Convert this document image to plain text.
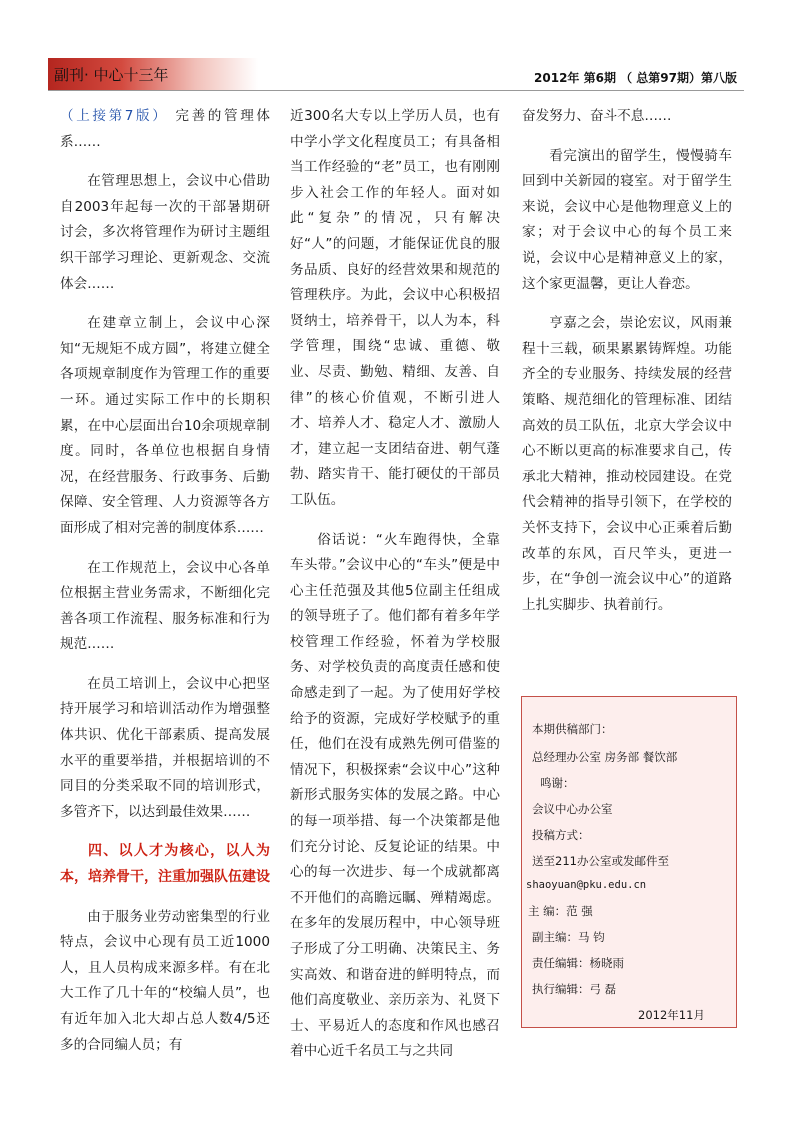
副刊· 中心十三年	2012年 第6期 （ 总第97期）第八版

（上接第7版） 完善的管理体系……

在管理思想上，会议中心借助自2003年起每一次的干部暑期研讨会，多次将管理作为研讨主题组织干部学习理论、更新观念、交流体会……

在建章立制上，会议中心深知“无规矩不成方圆”，将建立健全各项规章制度作为管理工作的重要一环。通过实际工作中的长期积累，在中心层面出台10余项规章制度。同时，各单位也根据自身情况，在经营服务、行政事务、后勤保障、安全管理、人力资源等各方面形成了相对完善的制度体系……

在工作规范上，会议中心各单位根据主营业务需求，不断细化完善各项工作流程、服务标准和行为规范……

在员工培训上，会议中心把坚持开展学习和培训活动作为增强整体共识、优化干部素质、提高发展水平的重要举措，并根据培训的不同目的分类采取不同的培训形式，多管齐下，以达到最佳效果……

四、以人才为核心，以人为本，培养骨干，注重加强队伍建设

由于服务业劳动密集型的行业特点，会议中心现有员工近1000人，且人员构成来源多样。有在北大工作了几十年的“校编人员”，也有近年加入北大却占总人数4/5还多的合同编人员；有

近300名大专以上学历人员，也有中学小学文化程度员工；有具备相当工作经验的“老”员工，也有刚刚步入社会工作的年轻人。面对如此“复杂”的情况，只有解决好“人”的问题，才能保证优良的服务品质、良好的经营效果和规范的管理秩序。为此，会议中心积极招贤纳士，培养骨干，以人为本，科学管理，围绕“忠诚、重德、敬业、尽责、勤勉、精细、友善、自律”的核心价值观，不断引进人才、培养人才、稳定人才、激励人才，建立起一支团结奋进、朝气蓬勃、踏实肯干、能打硬仗的干部员工队伍。

俗话说：“火车跑得快，全靠车头带。”会议中心的“车头”便是中心主任范强及其他5位副主任组成的领导班子了。他们都有着多年学校管理工作经验，怀着为学校服务、对学校负责的高度责任感和使命感走到了一起。为了使用好学校给予的资源，完成好学校赋予的重任，他们在没有成熟先例可借鉴的情况下，积极探索“会议中心”这种新形式服务实体的发展之路。中心的每一项举措、每一个决策都是他们充分讨论、反复论证的结果。中心的每一次进步、每一个成就都离不开他们的高瞻远瞩、殚精竭虑。在多年的发展历程中，中心领导班子形成了分工明确、决策民主、务实高效、和谐奋进的鲜明特点，而他们高度敬业、亲历亲为、礼贤下士、平易近人的态度和作风也感召着中心近千名员工与之共同

奋发努力、奋斗不息……

看完演出的留学生，慢慢骑车回到中关新园的寝室。对于留学生来说，会议中心是他物理意义上的家；对于会议中心的每个员工来说，会议中心是精神意义上的家，这个家更温馨，更让人眷恋。

亨嘉之会，崇论宏议，风雨兼程十三载，硕果累累铸辉煌。功能齐全的专业服务、持续发展的经营策略、规范细化的管理标准、团结高效的员工队伍，北京大学会议中心不断以更高的标准要求自己，传承北大精神，推动校园建设。在党代会精神的指导引领下，在学校的关怀支持下，会议中心正乘着后勤改革的东风，百尺竿头，更进一步，在“争创一流会议中心”的道路上扎实脚步、执着前行。

本期供稿部门：
总经理办公室 房务部 餐饮部
鸣谢：
会议中心办公室
投稿方式：
送至211办公室或发邮件至
shaoyuan@pku.edu.cn
主 编：范 强
副主编：马 钧
责任编辑：杨晓雨
执行编辑：弓 磊
2012年11月
